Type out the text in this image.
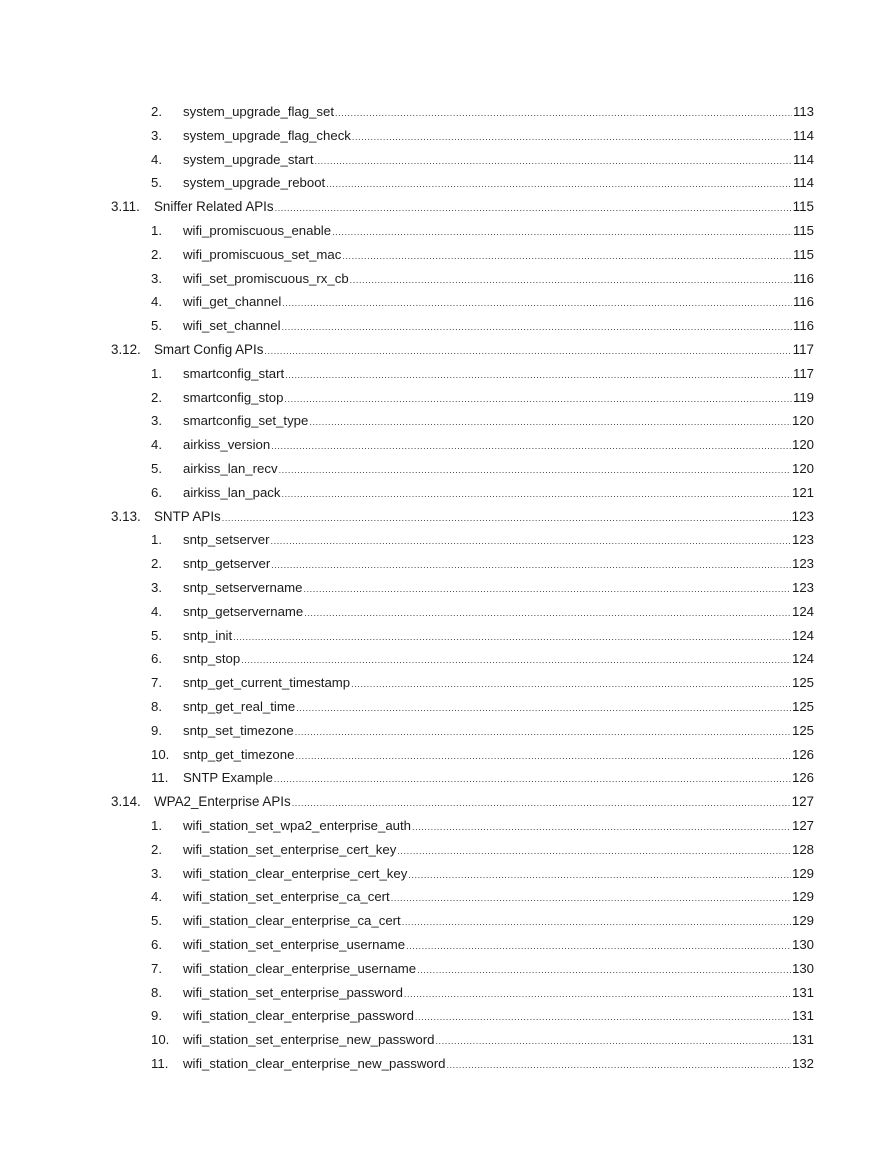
2.	system_upgrade_flag_set .....	113
3.	system_upgrade_flag_check .....	114
4.	system_upgrade_start .....	114
5.	system_upgrade_reboot .....	114
3.11.	Sniffer Related APIs .....	115
1.	wifi_promiscuous_enable .....	115
2.	wifi_promiscuous_set_mac .....	115
3.	wifi_set_promiscuous_rx_cb .....	116
4.	wifi_get_channel .....	116
5.	wifi_set_channel .....	116
3.12. Smart Config APIs .....	117
1.	smartconfig_start .....	117
2.	smartconfig_stop .....	119
3.	smartconfig_set_type .....	120
4.	airkiss_version .....	120
5.	airkiss_lan_recv .....	120
6.	airkiss_lan_pack .....	121
3.13. SNTP APIs .....	123
1.	sntp_setserver .....	123
2.	sntp_getserver .....	123
3.	sntp_setservername .....	123
4.	sntp_getservername .....	124
5.	sntp_init .....	124
6.	sntp_stop .....	124
7.	sntp_get_current_timestamp .....	125
8.	sntp_get_real_time .....	125
9.	sntp_set_timezone .....	125
10.	sntp_get_timezone .....	126
11.	SNTP Example .....	126
3.14. WPA2_Enterprise APIs .....	127
1.	wifi_station_set_wpa2_enterprise_auth .....	127
2.	wifi_station_set_enterprise_cert_key .....	128
3.	wifi_station_clear_enterprise_cert_key .....	129
4.	wifi_station_set_enterprise_ca_cert .....	129
5.	wifi_station_clear_enterprise_ca_cert .....	129
6.	wifi_station_set_enterprise_username .....	130
7.	wifi_station_clear_enterprise_username .....	130
8.	wifi_station_set_enterprise_password .....	131
9.	wifi_station_clear_enterprise_password .....	131
10.	wifi_station_set_enterprise_new_password .....	131
11.	wifi_station_clear_enterprise_new_password .....	132
